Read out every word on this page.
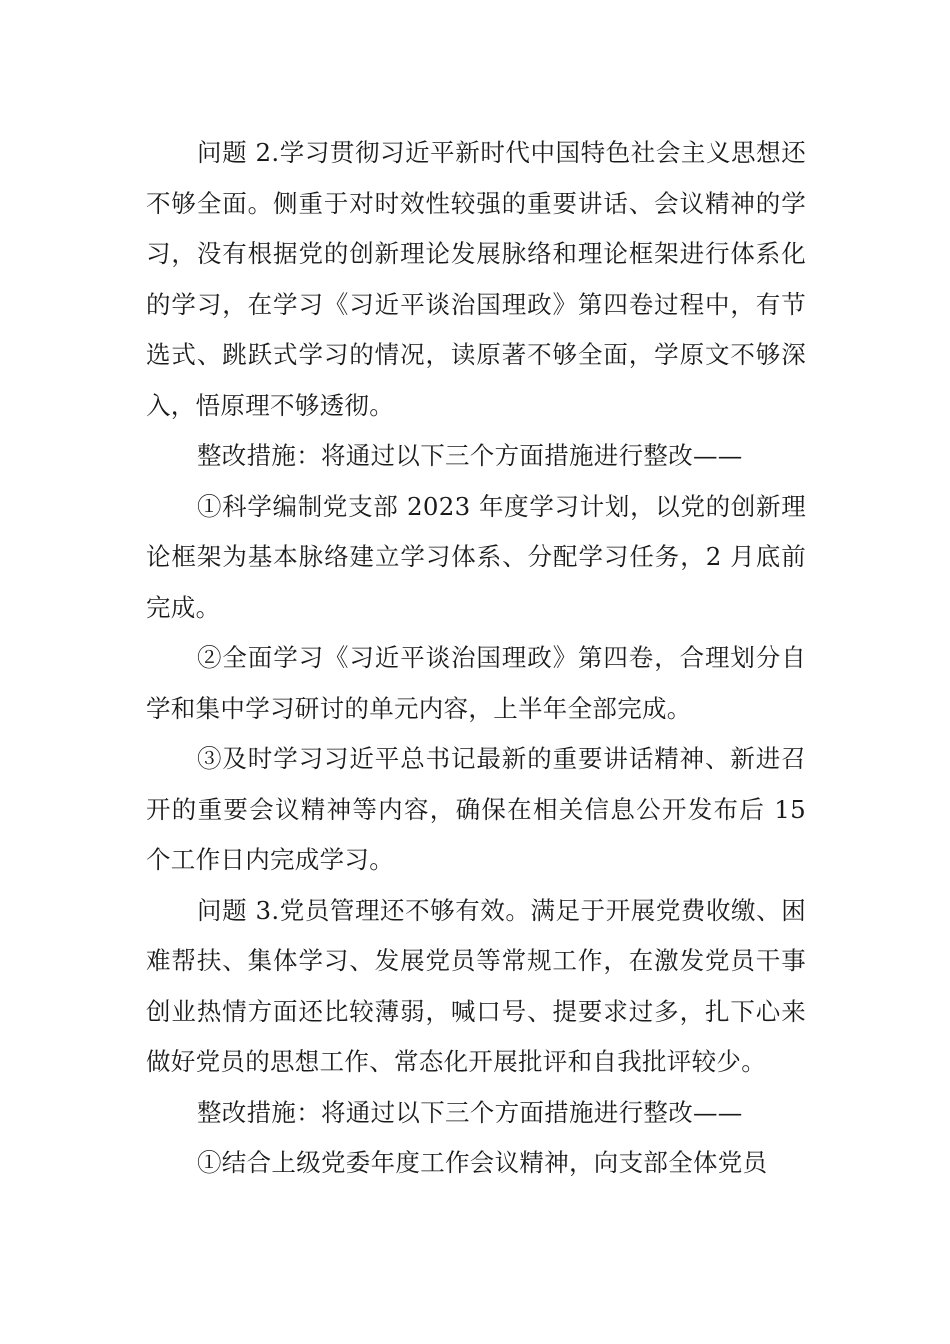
问题 2.学习贯彻习近平新时代中国特色社会主义思想还不够全面。侧重于对时效性较强的重要讲话、会议精神的学习，没有根据党的创新理论发展脉络和理论框架进行体系化的学习，在学习《习近平谈治国理政》第四卷过程中，有节选式、跳跃式学习的情况，读原著不够全面，学原文不够深入，悟原理不够透彻。

整改措施：将通过以下三个方面措施进行整改——

①科学编制党支部 2023 年度学习计划，以党的创新理论框架为基本脉络建立学习体系、分配学习任务，2 月底前完成。

②全面学习《习近平谈治国理政》第四卷，合理划分自学和集中学习研讨的单元内容，上半年全部完成。

③及时学习习近平总书记最新的重要讲话精神、新进召开的重要会议精神等内容，确保在相关信息公开发布后 15 个工作日内完成学习。

问题 3.党员管理还不够有效。满足于开展党费收缴、困难帮扶、集体学习、发展党员等常规工作，在激发党员干事创业热情方面还比较薄弱，喊口号、提要求过多，扎下心来做好党员的思想工作、常态化开展批评和自我批评较少。

整改措施：将通过以下三个方面措施进行整改——

①结合上级党委年度工作会议精神，向支部全体党员
